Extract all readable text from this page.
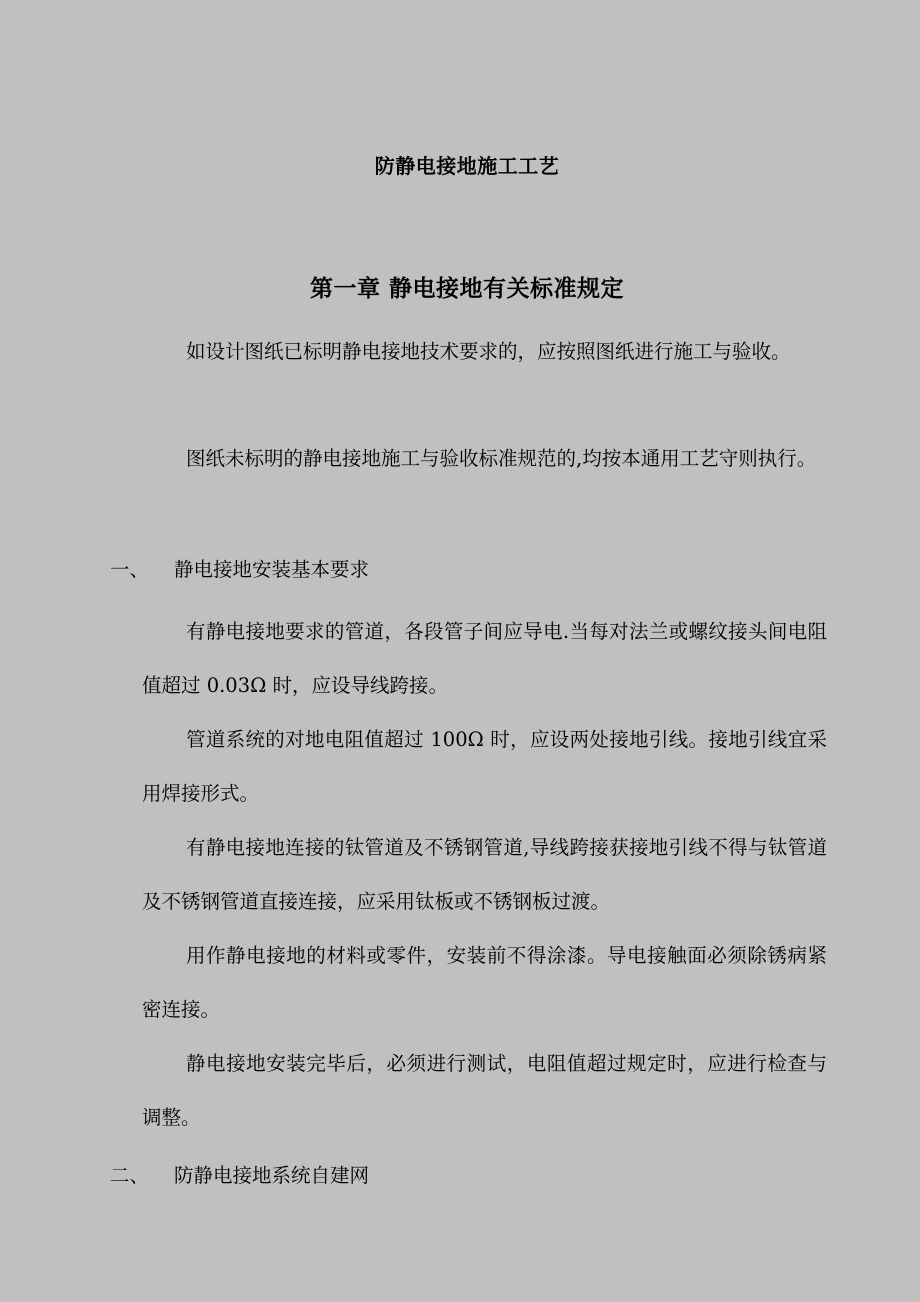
防静电接地施工工艺
第一章 静电接地有关标准规定

如设计图纸已标明静电接地技术要求的，应按照图纸进行施工与验收。

图纸未标明的静电接地施工与验收标准规范的,均按本通用工艺守则执行。

一、 静电接地安装基本要求

有静电接地要求的管道，各段管子间应导电.当每对法兰或螺纹接头间电阻值超过 0.03Ω 时，应设导线跨接。

管道系统的对地电阻值超过 100Ω 时，应设两处接地引线。接地引线宜采用焊接形式。

有静电接地连接的钛管道及不锈钢管道,导线跨接获接地引线不得与钛管道及不锈钢管道直接连接，应采用钛板或不锈钢板过渡。

用作静电接地的材料或零件，安装前不得涂漆。导电接触面必须除锈病紧密连接。

静电接地安装完毕后，必须进行测试，电阻值超过规定时，应进行检查与调整。

二、 防静电接地系统自建网
